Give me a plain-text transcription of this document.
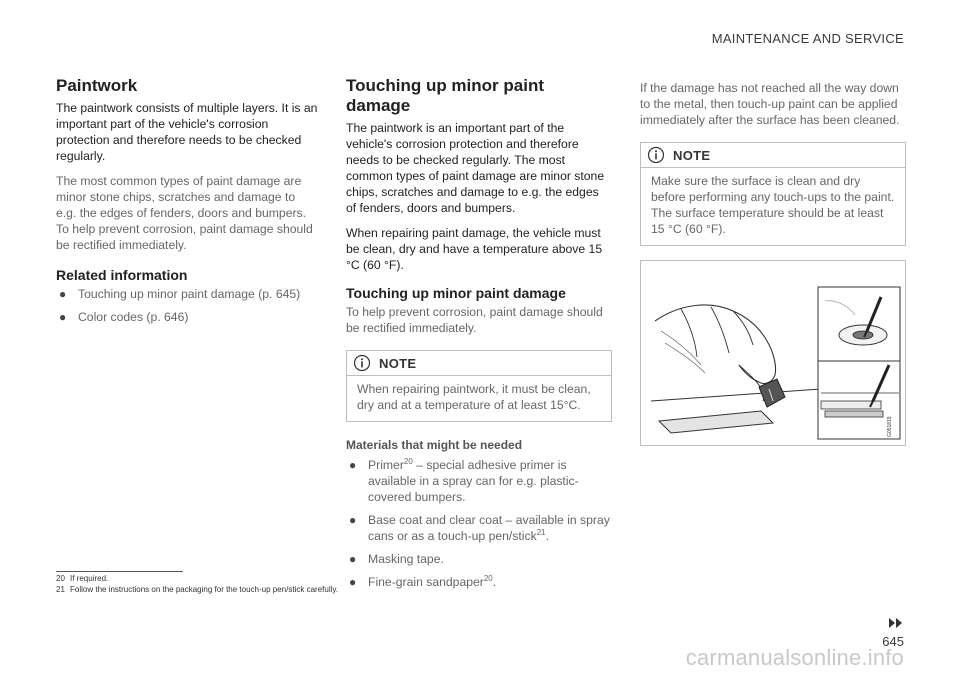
MAINTENANCE AND SERVICE
Paintwork

The paintwork consists of multiple layers. It is an important part of the vehicle's corrosion protection and therefore needs to be checked regularly.

The most common types of paint damage are minor stone chips, scratches and damage to e.g. the edges of fenders, doors and bumpers. To help prevent corrosion, paint damage should be rectified immediately.

Related information
● Touching up minor paint damage (p. 645)
● Color codes (p. 646)
Touching up minor paint damage

The paintwork is an important part of the vehicle's corrosion protection and therefore needs to be checked regularly. The most common types of paint damage are minor stone chips, scratches and damage to e.g. the edges of fenders, doors and bumpers.

When repairing paint damage, the vehicle must be clean, dry and have a temperature above 15 °C (60 °F).

Touching up minor paint damage

To help prevent corrosion, paint damage should be rectified immediately.

NOTE
When repairing paintwork, it must be clean, dry and at a temperature of at least 15°C.
Materials that might be needed
● Primer$^{20}$ – special adhesive primer is available in a spray can for e.g. plastic-covered bumpers.
● Base coat and clear coat – available in spray cans or as a touch-up pen/stick$^{21}$.
● Masking tape.
● Fine-grain sandpaper$^{20}$.

If the damage has not reached all the way down to the metal, then touch-up paint can be applied immediately after the surface has been cleaned.

NOTE
Make sure the surface is clean and dry before performing any touch-ups to the paint. The surface temperature should be at least 15 °C (60 °F).
G051819
20 If required.
21 Follow the instructions on the packaging for the touch-up pen/stick carefully.
645
carmanualsonline.info
